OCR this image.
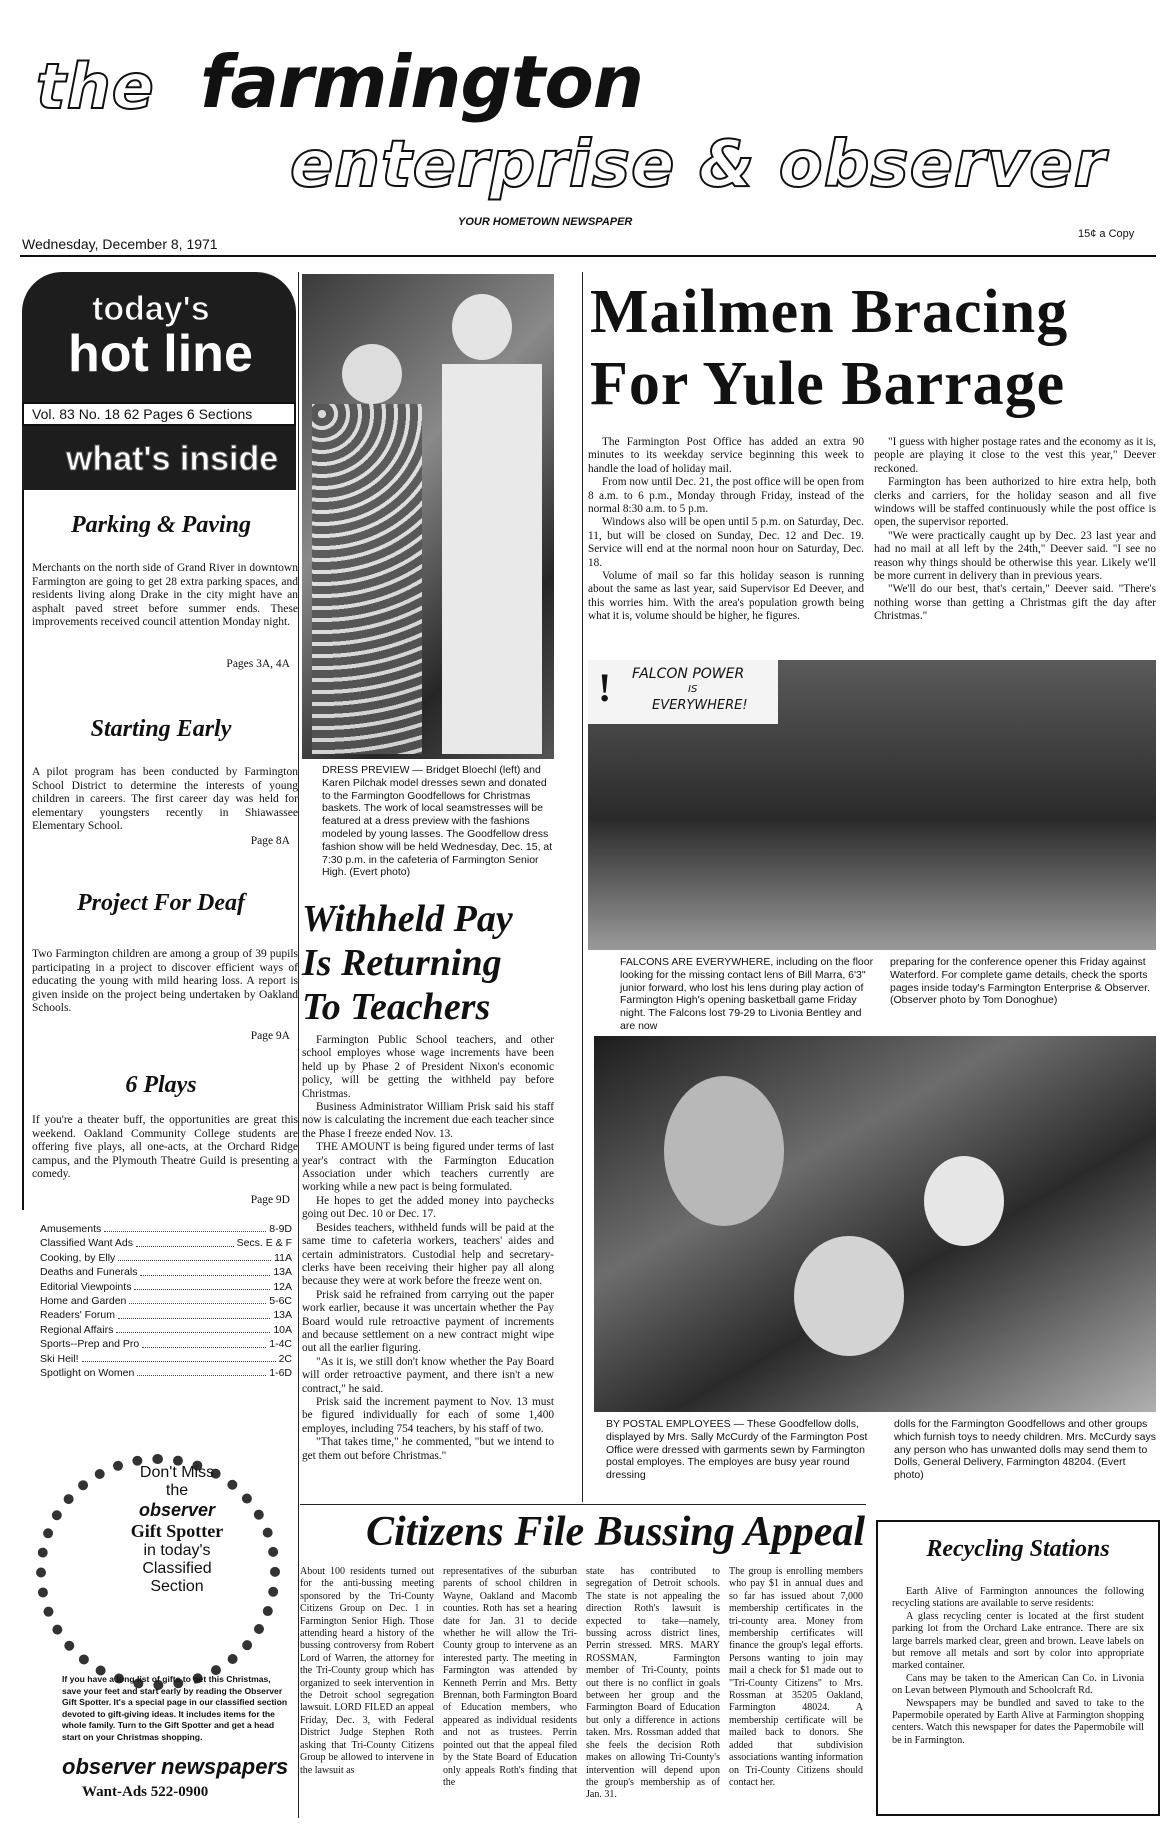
the farmington
enterprise & observer
YOUR HOMETOWN NEWSPAPER
Wednesday, December 8, 1971
15¢ a Copy
today's
hot line
Vol. 83 No. 18 62 Pages 6 Sections
what's inside
Parking & Paving
Merchants on the north side of Grand River in downtown Farmington are going to get 28 extra parking spaces, and residents living along Drake in the city might have an asphalt paved street before summer ends. These improvements received council attention Monday night.
Pages 3A, 4A
Starting Early
A pilot program has been conducted by Farmington School District to determine the interests of young children in careers. The first career day was held for elementary youngsters recently in Shiawassee Elementary School.
Page 8A
Project For Deaf
Two Farmington children are among a group of 39 pupils participating in a project to discover efficient ways of educating the young with mild hearing loss. A report is given inside on the project being undertaken by Oakland Schools.
Page 9A
6 Plays
If you're a theater buff, the opportunities are great this weekend. Oakland Community College students are offering five plays, all one-acts, at the Orchard Ridge campus, and the Plymouth Theatre Guild is presenting a comedy.
Page 9D
Amusements	8-9D
Classified Want Ads	Secs. E & F
Cooking, by Elly	11A
Deaths and Funerals	13A
Editorial Viewpoints	12A
Home and Garden	5-6C
Readers' Forum	13A
Regional Affairs	10A
Sports--Prep and Pro	1-4C
Ski Heil!	2C
Spotlight on Women	1-6D
Don't Miss
the
observer
Gift Spotter
in today's
Classified
Section
If you have a long list of gifts to get this Christmas, save your feet and start early by reading the Observer Gift Spotter. It's a special page in our classified section devoted to gift-giving ideas. It includes items for the whole family. Turn to the Gift Spotter and get a head start on your Christmas shopping.
observer newspapers
Want-Ads 522-0900
DRESS PREVIEW — Bridget Bloechl (left) and Karen Pilchak model dresses sewn and donated to the Farmington Goodfellows for Christmas baskets. The work of local seamstresses will be featured at a dress preview with the fashions modeled by young lasses. The Goodfellow dress fashion show will be held Wednesday, Dec. 15, at 7:30 p.m. in the cafeteria of Farmington Senior High. (Evert photo)
Withheld Pay
Is Returning
To Teachers

Farmington Public School teachers, and other school employes whose wage increments have been held up by Phase 2 of President Nixon's economic policy, will be getting the withheld pay before Christmas.

Business Administrator William Prisk said his staff now is calculating the increment due each teacher since the Phase I freeze ended Nov. 13.

THE AMOUNT is being figured under terms of last year's contract with the Farmington Education Association under which teachers currently are working while a new pact is being formulated.

He hopes to get the added money into paychecks going out Dec. 10 or Dec. 17.

Besides teachers, withheld funds will be paid at the same time to cafeteria workers, teachers' aides and certain administrators. Custodial help and secretary-clerks have been receiving their higher pay all along because they were at work before the freeze went on.

Prisk said he refrained from carrying out the paper work earlier, because it was uncertain whether the Pay Board would rule retroactive payment of increments and because settlement on a new contract might wipe out all the earlier figuring.

"As it is, we still don't know whether the Pay Board will order retroactive payment, and there isn't a new contract," he said.

Prisk said the increment payment to Nov. 13 must be figured individually for each of some 1,400 employes, including 754 teachers, by his staff of two.

"That takes time," he commented, "but we intend to get them out before Christmas."

Mailmen Bracing
For Yule Barrage

The Farmington Post Office has added an extra 90 minutes to its weekday service beginning this week to handle the load of holiday mail.

From now until Dec. 21, the post office will be open from 8 a.m. to 6 p.m., Monday through Friday, instead of the normal 8:30 a.m. to 5 p.m.

Windows also will be open until 5 p.m. on Saturday, Dec. 11, but will be closed on Sunday, Dec. 12 and Dec. 19. Service will end at the normal noon hour on Saturday, Dec. 18.

Volume of mail so far this holiday season is running about the same as last year, said Supervisor Ed Deever, and this worries him. With the area's population growth being what it is, volume should be higher, he figures.

"I guess with higher postage rates and the economy as it is, people are playing it close to the vest this year," Deever reckoned.

Farmington has been authorized to hire extra help, both clerks and carriers, for the holiday season and all five windows will be staffed continuously while the post office is open, the supervisor reported.

"We were practically caught up by Dec. 23 last year and had no mail at all left by the 24th," Deever said. "I see no reason why things should be otherwise this year. Likely we'll be more current in delivery than in previous years.

"We'll do our best, that's certain," Deever said. "There's nothing worse than getting a Christmas gift the day after Christmas."

! FALCON POWER
IS
EVERYWHERE!
FALCONS ARE EVERYWHERE, including on the floor looking for the missing contact lens of Bill Marra, 6'3" junior forward, who lost his lens during play action of Farmington High's opening basketball game Friday night. The Falcons lost 79-29 to Livonia Bentley and are now
preparing for the conference opener this Friday against Waterford. For complete game details, check the sports pages inside today's Farmington Enterprise & Observer. (Observer photo by Tom Donoghue)
BY POSTAL EMPLOYEES — These Goodfellow dolls, displayed by Mrs. Sally McCurdy of the Farmington Post Office were dressed with garments sewn by Farmington postal employes. The employes are busy year round dressing
dolls for the Farmington Goodfellows and other groups which furnish toys to needy children. Mrs. McCurdy says any person who has unwanted dolls may send them to Dolls, General Delivery, Farmington 48204. (Evert photo)
Citizens File Bussing Appeal
About 100 residents turned out for the anti-bussing meeting sponsored by the Tri-County Citizens Group on Dec. 1 in Farmington Senior High. Those attending heard a history of the bussing controversy from Robert Lord of Warren, the attorney for the Tri-County group which has organized to seek intervention in the Detroit school segregation lawsuit. LORD FILED an appeal Friday, Dec. 3, with Federal District Judge Stephen Roth asking that Tri-County Citizens Group be allowed to intervene in the lawsuit as
representatives of the suburban parents of school children in Wayne, Oakland and Macomb counties. Roth has set a hearing date for Jan. 31 to decide whether he will allow the Tri-County group to intervene as an interested party. The meeting in Farmington was attended by Kenneth Perrin and Mrs. Betty Brennan, both Farmington Board of Education members, who appeared as individual residents and not as trustees. Perrin pointed out that the appeal filed by the State Board of Education only appeals Roth's finding that the
state has contributed to segregation of Detroit schools. The state is not appealing the direction Roth's lawsuit is expected to take—namely, bussing across district lines, Perrin stressed. MRS. MARY ROSSMAN, Farmington member of Tri-County, points out there is no conflict in goals between her group and the Farmington Board of Education but only a difference in actions taken. Mrs. Rossman added that she feels the decision Roth makes on allowing Tri-County's intervention will depend upon the group's membership as of Jan. 31.
The group is enrolling members who pay $1 in annual dues and so far has issued about 7,000 membership certificates in the tri-county area. Money from membership certificates will finance the group's legal efforts. Persons wanting to join may mail a check for $1 made out to "Tri-County Citizens" to Mrs. Rossman at 35205 Oakland, Farmington 48024. A membership certificate will be mailed back to donors. She added that subdivision associations wanting information on Tri-County Citizens should contact her.
Recycling Stations

Earth Alive of Farmington announces the following recycling stations are available to serve residents:

A glass recycling center is located at the first student parking lot from the Orchard Lake entrance. There are six large barrels marked clear, green and brown. Leave labels on but remove all metals and sort by color into appropriate marked container.

Cans may be taken to the American Can Co. in Livonia on Levan between Plymouth and Schoolcraft Rd.

Newspapers may be bundled and saved to take to the Papermobile operated by Earth Alive at Farmington shopping centers. Watch this newspaper for dates the Papermobile will be in Farmington.
